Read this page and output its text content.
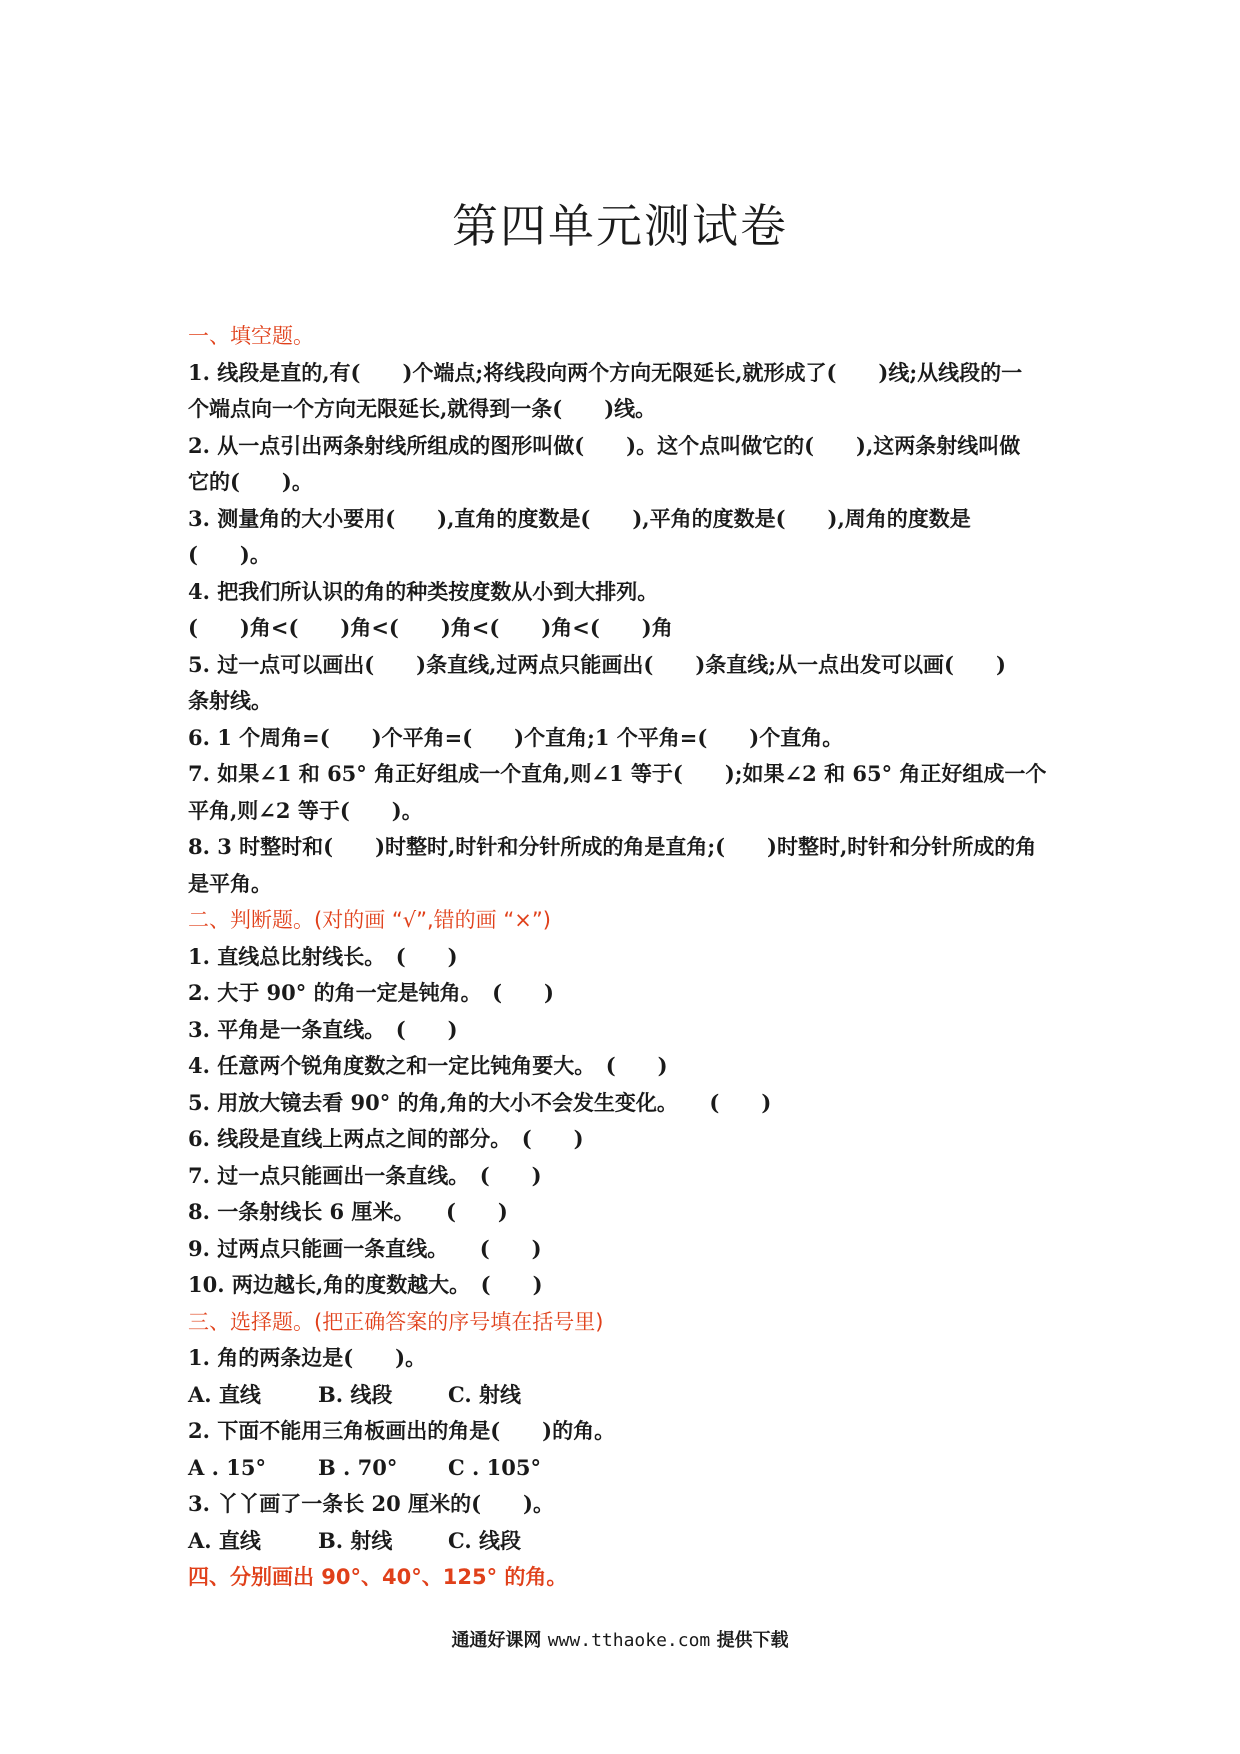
第四单元测试卷
一、填空题。
1. 线段是直的,有(　　)个端点;将线段向两个方向无限延长,就形成了(　　)线;从线段的一
个端点向一个方向无限延长,就得到一条(　　)线。
2. 从一点引出两条射线所组成的图形叫做(　　)。这个点叫做它的(　　),这两条射线叫做
它的(　　)。
3. 测量角的大小要用(　　),直角的度数是(　　),平角的度数是(　　),周角的度数是
(　　)。
4. 把我们所认识的角的种类按度数从小到大排列。
(　　)角<(　　)角<(　　)角<(　　)角<(　　)角
5. 过一点可以画出(　　)条直线,过两点只能画出(　　)条直线;从一点出发可以画(　　)
条射线。
6. 1 个周角=(　　)个平角=(　　)个直角;1 个平角=(　　)个直角。
7. 如果∠1 和 65° 角正好组成一个直角,则∠1 等于(　　);如果∠2 和 65° 角正好组成一个
平角,则∠2 等于(　　)。
8. 3 时整时和(　　)时整时,时针和分针所成的角是直角;(　　)时整时,时针和分针所成的角
是平角。
二、判断题。(对的画 “√”,错的画 “×”)
1. 直线总比射线长。　(　　)
2. 大于 90° 的角一定是钝角。　(　　)
3. 平角是一条直线。　(　　)
4. 任意两个锐角度数之和一定比钝角要大。　(　　)
5. 用放大镜去看 90° 的角,角的大小不会发生变化。　　(　　)
6. 线段是直线上两点之间的部分。　(　　)
7. 过一点只能画出一条直线。　(　　)
8. 一条射线长 6 厘米。　　(　　)
9. 过两点只能画一条直线。　　(　　)
10. 两边越长,角的度数越大。　(　　)
三、选择题。(把正确答案的序号填在括号里)
1. 角的两条边是(　　)。
A. 直线	B. 线段	C. 射线
2. 下面不能用三角板画出的角是(　　)的角。
A . 15° B . 70° C . 105°
3. 丫丫画了一条长 20 厘米的(　　)。
A. 直线	B. 射线	C. 线段
四、分别画出 90°、40°、125° 的角。
通通好课网 www.tthaoke.com 提供下载
